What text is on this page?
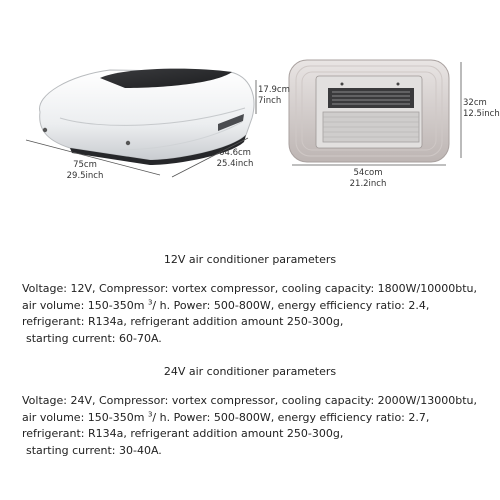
17.9cm
7inch
75cm
29.5inch
64.6cm
25.4inch
54com
21.2inch
32cm
12.5inch
12V air conditioner parameters
Voltage: 12V, Compressor: vortex compressor, cooling capacity: 1800W/10000btu,
air volume: 150-350m $^3$/ h. Power: 500-800W, energy efficiency ratio: 2.4,
refrigerant: R134a, refrigerant addition amount 250-300g,
starting current: 60-70A.
24V air conditioner parameters
Voltage: 24V, Compressor: vortex compressor, cooling capacity: 2000W/13000btu,
air volume: 150-350m $^3$/ h. Power: 500-800W, energy efficiency ratio: 2.7,
refrigerant: R134a, refrigerant addition amount 250-300g,
starting current: 30-40A.
